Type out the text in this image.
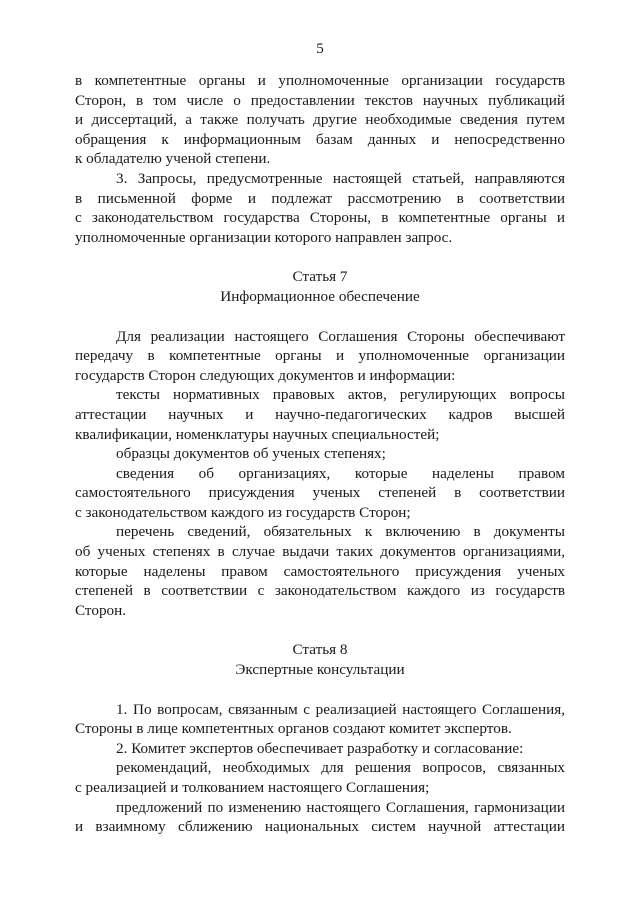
5
в компетентные органы и уполномоченные организации государств
Сторон, в том числе о предоставлении текстов научных публикаций
и диссертаций, а также получать другие необходимые сведения путем
обращения к информационным базам данных и непосредственно
к обладателю ученой степени.
3. Запросы, предусмотренные настоящей статьей, направляются
в письменной форме и подлежат рассмотрению в соответствии
с законодательством государства Стороны, в компетентные органы и
уполномоченные организации которого направлен запрос.
Статья 7
Информационное обеспечение
Для реализации настоящего Соглашения Стороны обеспечивают
передачу в компетентные органы и уполномоченные организации
государств Сторон следующих документов и информации:
тексты нормативных правовых актов, регулирующих вопросы
аттестации научных и научно-педагогических кадров высшей
квалификации, номенклатуры научных специальностей;
образцы документов об ученых степенях;
сведения об организациях, которые наделены правом
самостоятельного присуждения ученых степеней в соответствии
с законодательством каждого из государств Сторон;
перечень сведений, обязательных к включению в документы
об ученых степенях в случае выдачи таких документов организациями,
которые наделены правом самостоятельного присуждения ученых
степеней в соответствии с законодательством каждого из государств
Сторон.
Статья 8
Экспертные консультации
1. По вопросам, связанным с реализацией настоящего Соглашения,
Стороны в лице компетентных органов создают комитет экспертов.
2. Комитет экспертов обеспечивает разработку и согласование:
рекомендаций, необходимых для решения вопросов, связанных
с реализацией и толкованием настоящего Соглашения;
предложений по изменению настоящего Соглашения, гармонизации
и взаимному сближению национальных систем научной аттестации
